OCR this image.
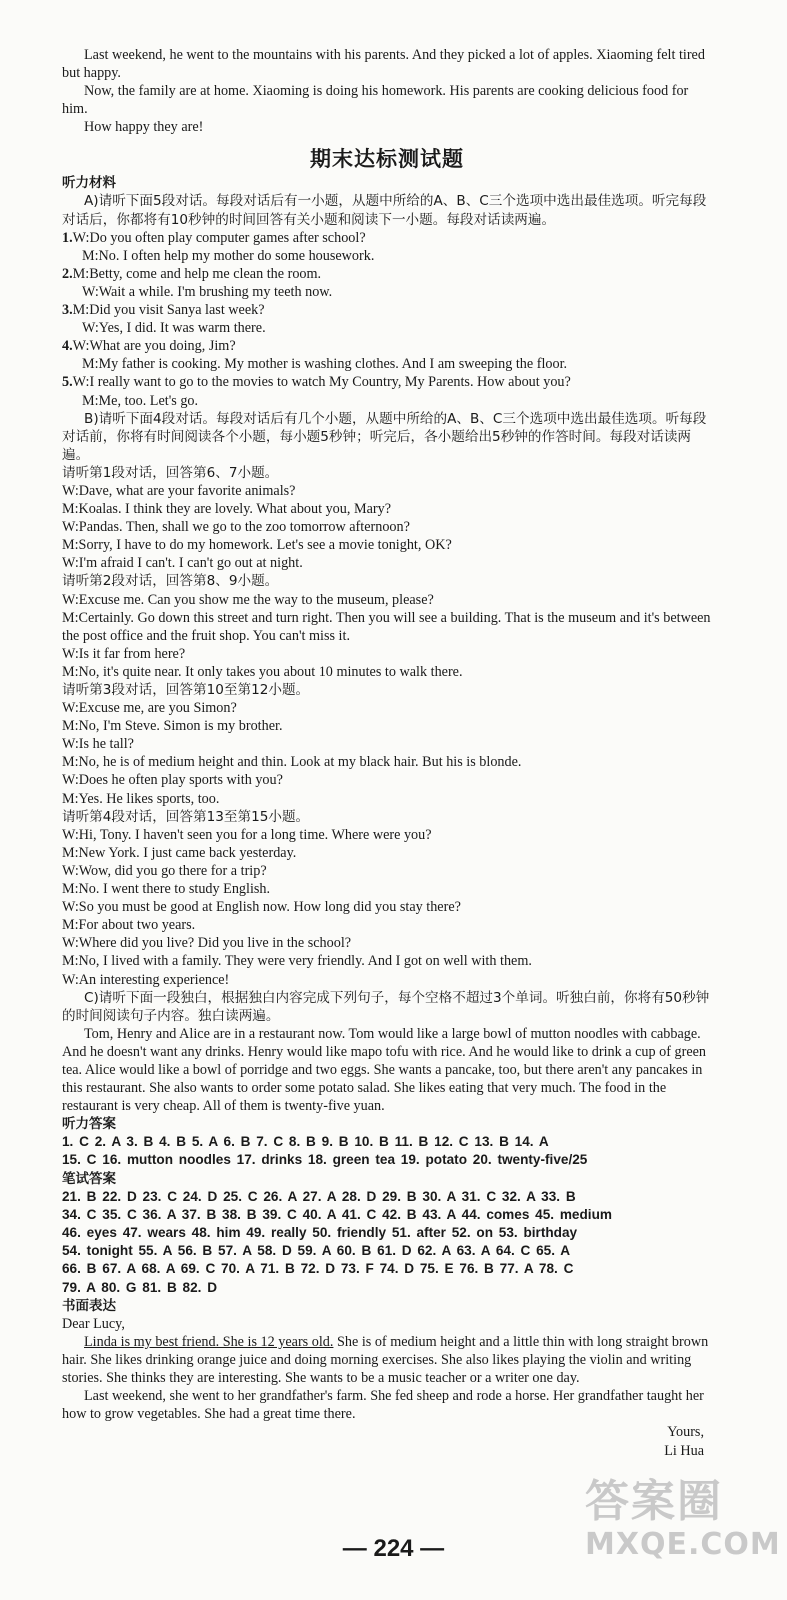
Last weekend, he went to the mountains with his parents. And they picked a lot of apples. Xiaoming felt tired but happy.

Now, the family are at home. Xiaoming is doing his homework. His parents are cooking delicious food for him.

How happy they are!

期末达标测试题
听力材料

A)请听下面5段对话。每段对话后有一小题，从题中所给的A、B、C三个选项中选出最佳选项。听完每段对话后，你都将有10秒钟的时间回答有关小题和阅读下一小题。每段对话读两遍。

1.W:Do you often play computer games after school?

M:No. I often help my mother do some housework.

2.M:Betty, come and help me clean the room.

W:Wait a while. I'm brushing my teeth now.

3.M:Did you visit Sanya last week?

W:Yes, I did. It was warm there.

4.W:What are you doing, Jim?

M:My father is cooking. My mother is washing clothes. And I am sweeping the floor.

5.W:I really want to go to the movies to watch My Country, My Parents. How about you?

M:Me, too. Let's go.

B)请听下面4段对话。每段对话后有几个小题，从题中所给的A、B、C三个选项中选出最佳选项。听每段对话前，你将有时间阅读各个小题，每小题5秒钟；听完后，各小题给出5秒钟的作答时间。每段对话读两遍。

请听第1段对话，回答第6、7小题。

W:Dave, what are your favorite animals?

M:Koalas. I think they are lovely. What about you, Mary?

W:Pandas. Then, shall we go to the zoo tomorrow afternoon?

M:Sorry, I have to do my homework. Let's see a movie tonight, OK?

W:I'm afraid I can't. I can't go out at night.

请听第2段对话，回答第8、9小题。

W:Excuse me. Can you show me the way to the museum, please?

M:Certainly. Go down this street and turn right. Then you will see a building. That is the museum and it's between the post office and the fruit shop. You can't miss it.

W:Is it far from here?

M:No, it's quite near. It only takes you about 10 minutes to walk there.

请听第3段对话，回答第10至第12小题。

W:Excuse me, are you Simon?

M:No, I'm Steve. Simon is my brother.

W:Is he tall?

M:No, he is of medium height and thin. Look at my black hair. But his is blonde.

W:Does he often play sports with you?

M:Yes. He likes sports, too.

请听第4段对话，回答第13至第15小题。

W:Hi, Tony. I haven't seen you for a long time. Where were you?

M:New York. I just came back yesterday.

W:Wow, did you go there for a trip?

M:No. I went there to study English.

W:So you must be good at English now. How long did you stay there?

M:For about two years.

W:Where did you live? Did you live in the school?

M:No, I lived with a family. They were very friendly. And I got on well with them.

W:An interesting experience!

C)请听下面一段独白，根据独白内容完成下列句子，每个空格不超过3个单词。听独白前，你将有50秒钟的时间阅读句子内容。独白读两遍。

Tom, Henry and Alice are in a restaurant now. Tom would like a large bowl of mutton noodles with cabbage. And he doesn't want any drinks. Henry would like mapo tofu with rice. And he would like to drink a cup of green tea. Alice would like a bowl of porridge and two eggs. She wants a pancake, too, but there aren't any pancakes in this restaurant. She also wants to order some potato salad. She likes eating that very much. The food in the restaurant is very cheap. All of them is twenty-five yuan.

听力答案

1. C 2. A 3. B 4. B 5. A 6. B 7. C 8. B 9. B 10. B 11. B 12. C 13. B 14. A

15. C 16. mutton noodles 17. drinks 18. green tea 19. potato 20. twenty-five/25

笔试答案

21. B 22. D 23. C 24. D 25. C 26. A 27. A 28. D 29. B 30. A 31. C 32. A 33. B

34. C 35. C 36. A 37. B 38. B 39. C 40. A 41. C 42. B 43. A 44. comes 45. medium

46. eyes 47. wears 48. him 49. really 50. friendly 51. after 52. on 53. birthday

54. tonight 55. A 56. B 57. A 58. D 59. A 60. B 61. D 62. A 63. A 64. C 65. A

66. B 67. A 68. A 69. C 70. A 71. B 72. D 73. F 74. D 75. E 76. B 77. A 78. C

79. A 80. G 81. B 82. D

书面表达

Dear Lucy,

Linda is my best friend. She is 12 years old. She is of medium height and a little thin with long straight brown hair. She likes drinking orange juice and doing morning exercises. She also likes playing the violin and writing stories. She thinks they are interesting. She wants to be a music teacher or a writer one day.

Last weekend, she went to her grandfather's farm. She fed sheep and rode a horse. Her grandfather taught her how to grow vegetables. She had a great time there.

Yours,

Li Hua

答案圈
MXQE.COM
— 224 —
